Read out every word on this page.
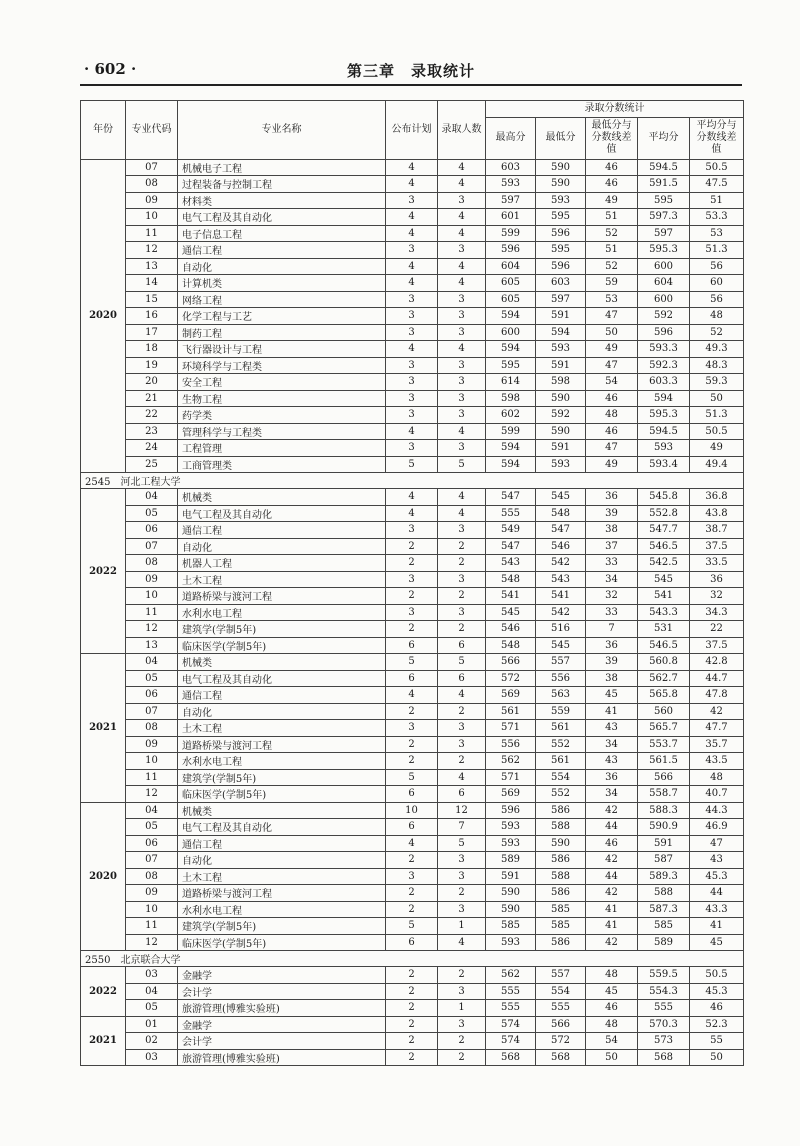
· 602 ·	第三章　录取统计
年份	专业代码	专业名称	公布计划	录取人数	录取分数统计				
					最高分	最低分	最低分与分数线差值	平均分	平均分与分数线差值
2020	07	机械电子工程	4	4	603	590	46	594.5	50.5
	08	过程装备与控制工程	4	4	593	590	46	591.5	47.5
	09	材料类	3	3	597	593	49	595	51
	10	电气工程及其自动化	4	4	601	595	51	597.3	53.3
	11	电子信息工程	4	4	599	596	52	597	53
	12	通信工程	3	3	596	595	51	595.3	51.3
	13	自动化	4	4	604	596	52	600	56
	14	计算机类	4	4	605	603	59	604	60
	15	网络工程	3	3	605	597	53	600	56
	16	化学工程与工艺	3	3	594	591	47	592	48
	17	制药工程	3	3	600	594	50	596	52
	18	飞行器设计与工程	4	4	594	593	49	593.3	49.3
	19	环境科学与工程类	3	3	595	591	47	592.3	48.3
	20	安全工程	3	3	614	598	54	603.3	59.3
	21	生物工程	3	3	598	590	46	594	50
	22	药学类	3	3	602	592	48	595.3	51.3
	23	管理科学与工程类	4	4	599	590	46	594.5	50.5
	24	工程管理	3	3	594	591	47	593	49
	25	工商管理类	5	5	594	593	49	593.4	49.4
2545　河北工程大学									
2022	04	机械类	4	4	547	545	36	545.8	36.8
	05	电气工程及其自动化	4	4	555	548	39	552.8	43.8
	06	通信工程	3	3	549	547	38	547.7	38.7
	07	自动化	2	2	547	546	37	546.5	37.5
	08	机器人工程	2	2	543	542	33	542.5	33.5
	09	土木工程	3	3	548	543	34	545	36
	10	道路桥梁与渡河工程	2	2	541	541	32	541	32
	11	水利水电工程	3	3	545	542	33	543.3	34.3
	12	建筑学(学制5年)	2	2	546	516	7	531	22
	13	临床医学(学制5年)	6	6	548	545	36	546.5	37.5
2021	04	机械类	5	5	566	557	39	560.8	42.8
	05	电气工程及其自动化	6	6	572	556	38	562.7	44.7
	06	通信工程	4	4	569	563	45	565.8	47.8
	07	自动化	2	2	561	559	41	560	42
	08	土木工程	3	3	571	561	43	565.7	47.7
	09	道路桥梁与渡河工程	2	3	556	552	34	553.7	35.7
	10	水利水电工程	2	2	562	561	43	561.5	43.5
	11	建筑学(学制5年)	5	4	571	554	36	566	48
	12	临床医学(学制5年)	6	6	569	552	34	558.7	40.7
2020	04	机械类	10	12	596	586	42	588.3	44.3
	05	电气工程及其自动化	6	7	593	588	44	590.9	46.9
	06	通信工程	4	5	593	590	46	591	47
	07	自动化	2	3	589	586	42	587	43
	08	土木工程	3	3	591	588	44	589.3	45.3
	09	道路桥梁与渡河工程	2	2	590	586	42	588	44
	10	水利水电工程	2	3	590	585	41	587.3	43.3
	11	建筑学(学制5年)	5	1	585	585	41	585	41
	12	临床医学(学制5年)	6	4	593	586	42	589	45
2550　北京联合大学									
2022	03	金融学	2	2	562	557	48	559.5	50.5
	04	会计学	2	3	555	554	45	554.3	45.3
	05	旅游管理(博雅实验班)	2	1	555	555	46	555	46
2021	01	金融学	2	3	574	566	48	570.3	52.3
	02	会计学	2	2	574	572	54	573	55
	03	旅游管理(博雅实验班)	2	2	568	568	50	568	50
